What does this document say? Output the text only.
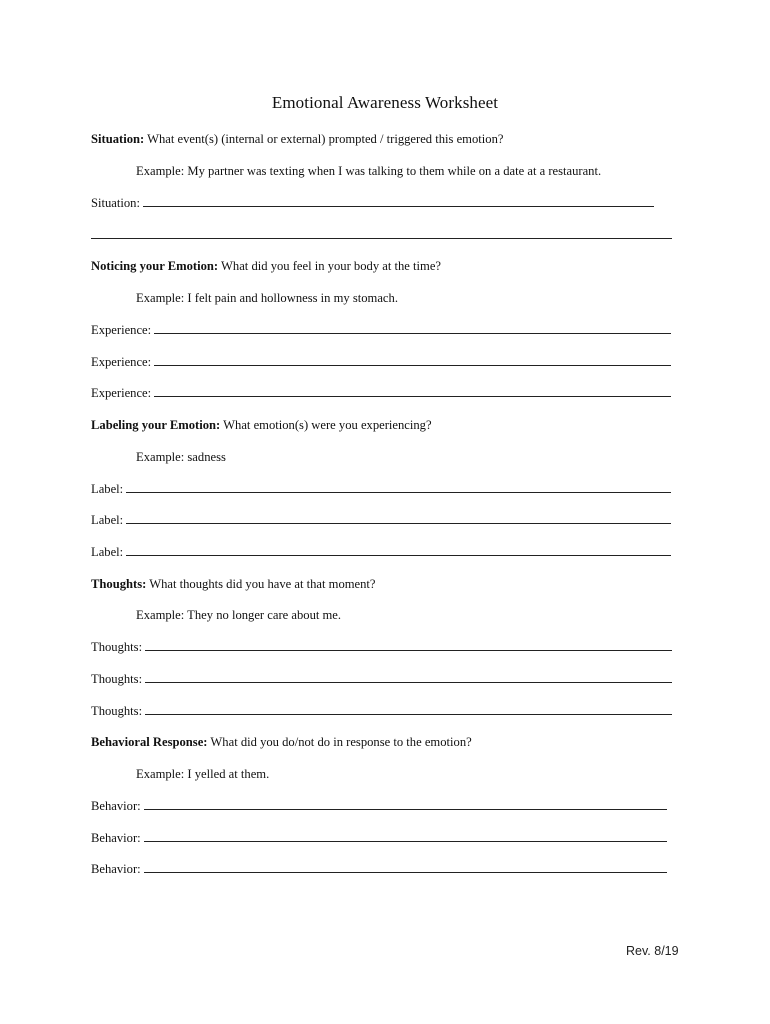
Emotional Awareness Worksheet
Situation: What event(s) (internal or external) prompted / triggered this emotion?
Example: My partner was texting when I was talking to them while on a date at a restaurant.
Situation:
Noticing your Emotion: What did you feel in your body at the time?
Example: I felt pain and hollowness in my stomach.
Experience:
Experience:
Experience:
Labeling your Emotion: What emotion(s) were you experiencing?
Example: sadness
Label:
Label:
Label:
Thoughts: What thoughts did you have at that moment?
Example: They no longer care about me.
Thoughts:
Thoughts:
Thoughts:
Behavioral Response: What did you do/not do in response to the emotion?
Example: I yelled at them.
Behavior:
Behavior:
Behavior:
Rev. 8/19
